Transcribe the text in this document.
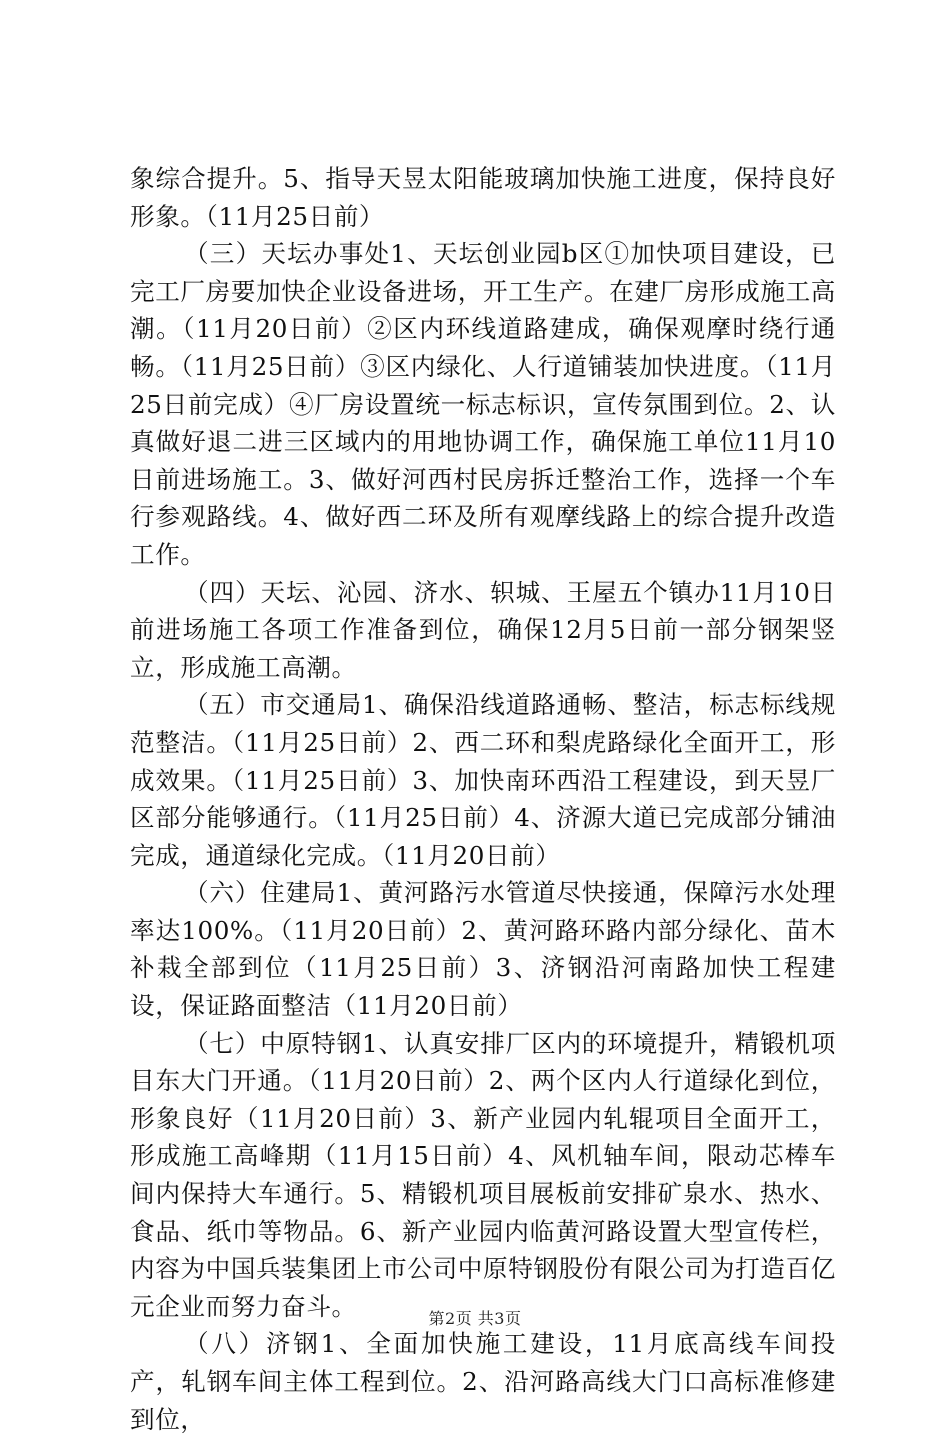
象综合提升。5、指导天昱太阳能玻璃加快施工进度，保持良好形象。（11月25日前）

（三）天坛办事处1、天坛创业园b区①加快项目建设，已完工厂房要加快企业设备进场，开工生产。在建厂房形成施工高潮。（11月20日前）②区内环线道路建成，确保观摩时绕行通畅。（11月25日前）③区内绿化、人行道铺装加快进度。（11月25日前完成）④厂房设置统一标志标识，宣传氛围到位。2、认真做好退二进三区域内的用地协调工作，确保施工单位11月10日前进场施工。3、做好河西村民房拆迁整治工作，选择一个车行参观路线。4、做好西二环及所有观摩线路上的综合提升改造工作。

（四）天坛、沁园、济水、轵城、王屋五个镇办11月10日前进场施工各项工作准备到位，确保12月5日前一部分钢架竖立，形成施工高潮。

（五）市交通局1、确保沿线道路通畅、整洁，标志标线规范整洁。（11月25日前）2、西二环和梨虎路绿化全面开工，形成效果。（11月25日前）3、加快南环西沿工程建设，到天昱厂区部分能够通行。（11月25日前）4、济源大道已完成部分铺油完成，通道绿化完成。（11月20日前）

（六）住建局1、黄河路污水管道尽快接通，保障污水处理率达100%。（11月20日前）2、黄河路环路内部分绿化、苗木补栽全部到位（11月25日前）3、济钢沿河南路加快工程建设，保证路面整洁（11月20日前）

（七）中原特钢1、认真安排厂区内的环境提升，精锻机项目东大门开通。（11月20日前）2、两个区内人行道绿化到位，形象良好（11月20日前）3、新产业园内轧辊项目全面开工，形成施工高峰期（11月15日前）4、风机轴车间，限动芯棒车间内保持大车通行。5、精锻机项目展板前安排矿泉水、热水、食品、纸巾等物品。6、新产业园内临黄河路设置大型宣传栏，内容为中国兵装集团上市公司中原特钢股份有限公司为打造百亿元企业而努力奋斗。

（八）济钢1、全面加快施工建设，11月底高线车间投产，轧钢车间主体工程到位。2、沿河路高线大门口高标准修建到位，

第2页 共3页
